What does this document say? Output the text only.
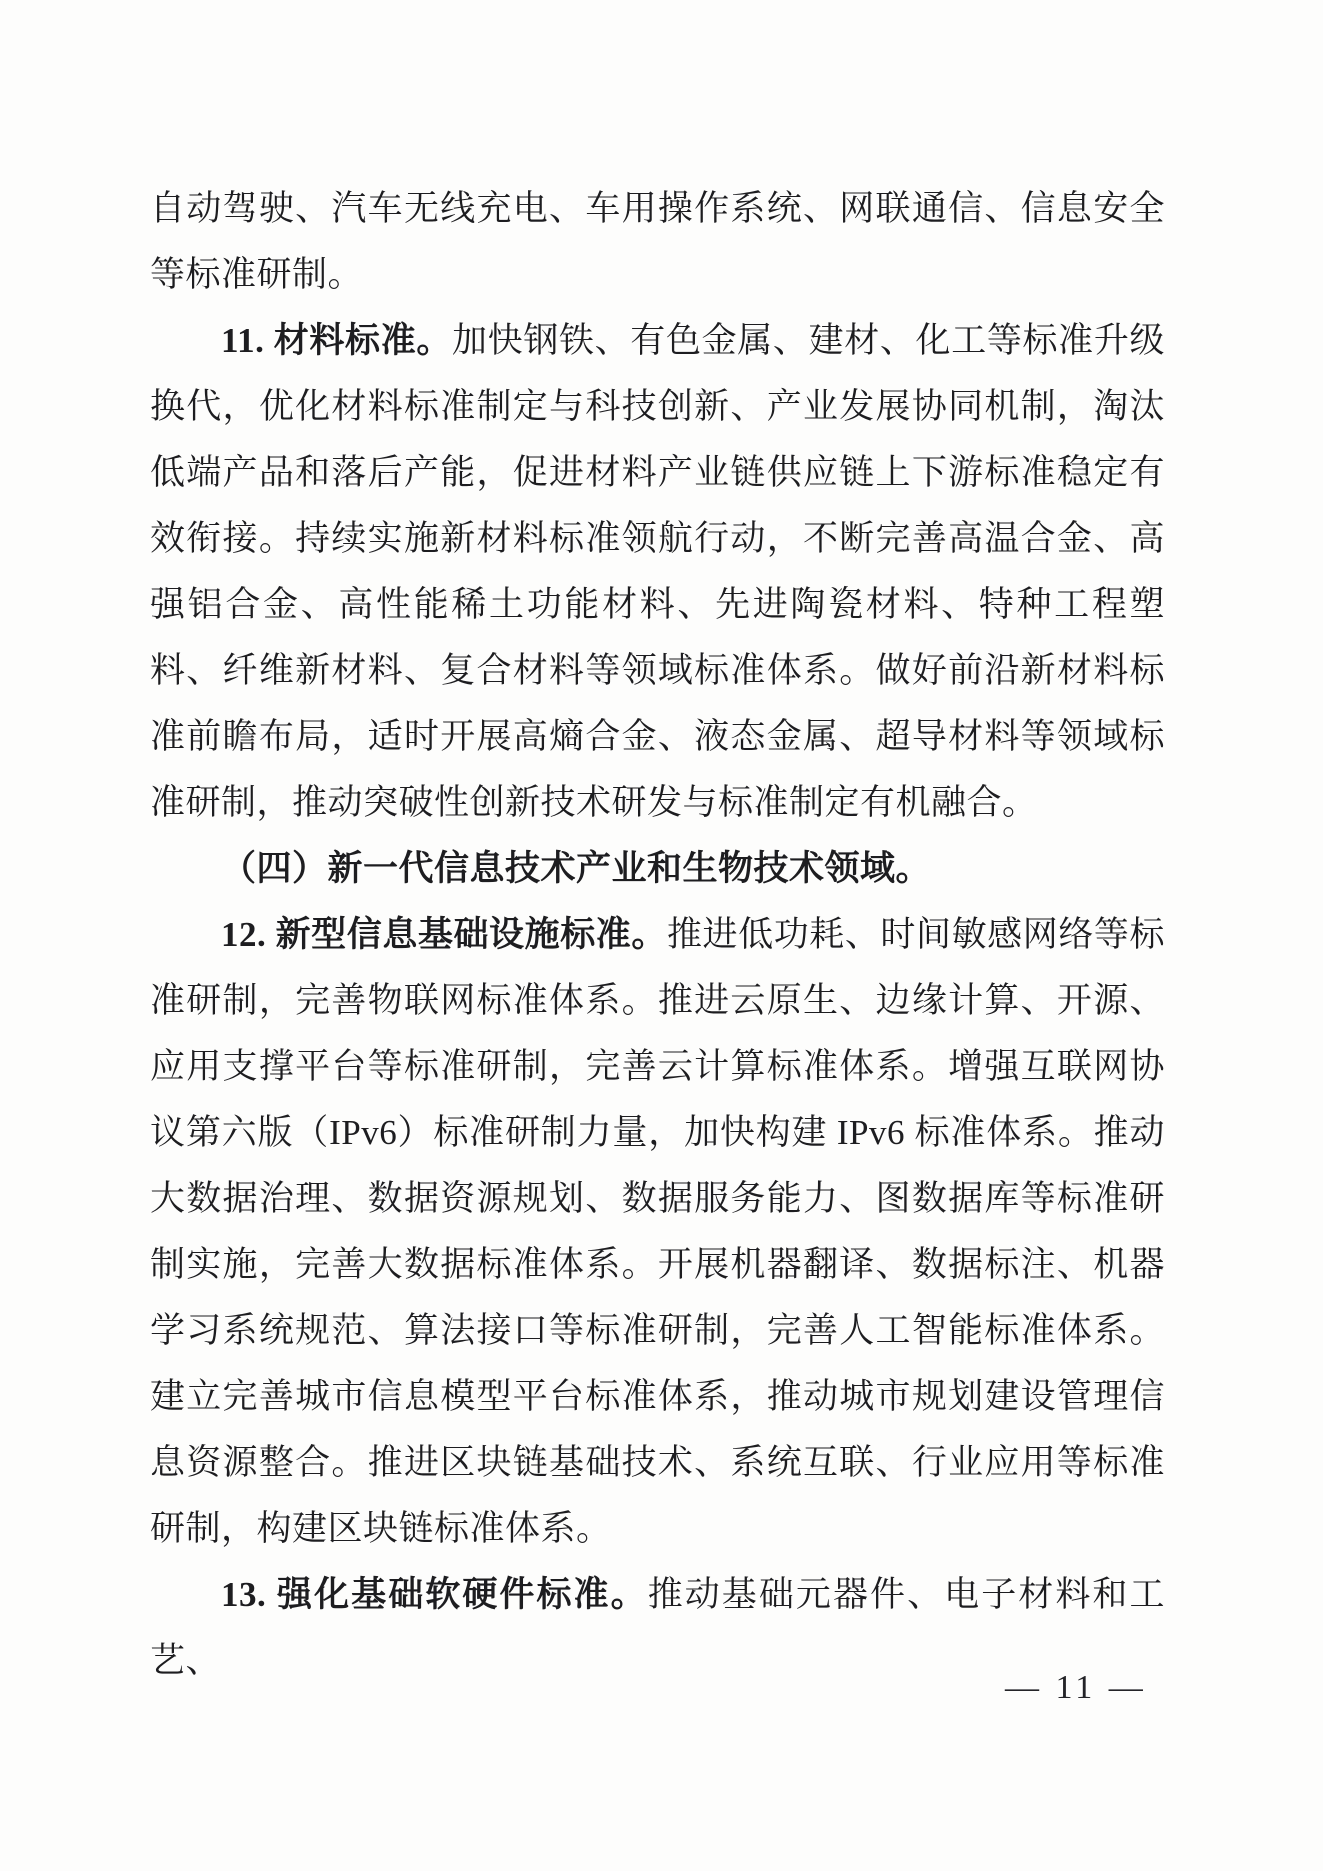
自动驾驶、汽车无线充电、车用操作系统、网联通信、信息安全等标准研制。
11. 材料标准。加快钢铁、有色金属、建材、化工等标准升级换代，优化材料标准制定与科技创新、产业发展协同机制，淘汰低端产品和落后产能，促进材料产业链供应链上下游标准稳定有效衔接。持续实施新材料标准领航行动，不断完善高温合金、高强铝合金、高性能稀土功能材料、先进陶瓷材料、特种工程塑料、纤维新材料、复合材料等领域标准体系。做好前沿新材料标准前瞻布局，适时开展高熵合金、液态金属、超导材料等领域标准研制，推动突破性创新技术研发与标准制定有机融合。
（四）新一代信息技术产业和生物技术领域。
12. 新型信息基础设施标准。推进低功耗、时间敏感网络等标准研制，完善物联网标准体系。推进云原生、边缘计算、开源、应用支撑平台等标准研制，完善云计算标准体系。增强互联网协议第六版（IPv6）标准研制力量，加快构建 IPv6 标准体系。推动大数据治理、数据资源规划、数据服务能力、图数据库等标准研制实施，完善大数据标准体系。开展机器翻译、数据标注、机器学习系统规范、算法接口等标准研制，完善人工智能标准体系。建立完善城市信息模型平台标准体系，推动城市规划建设管理信息资源整合。推进区块链基础技术、系统互联、行业应用等标准研制，构建区块链标准体系。
13. 强化基础软硬件标准。推动基础元器件、电子材料和工艺、
— 11 —
